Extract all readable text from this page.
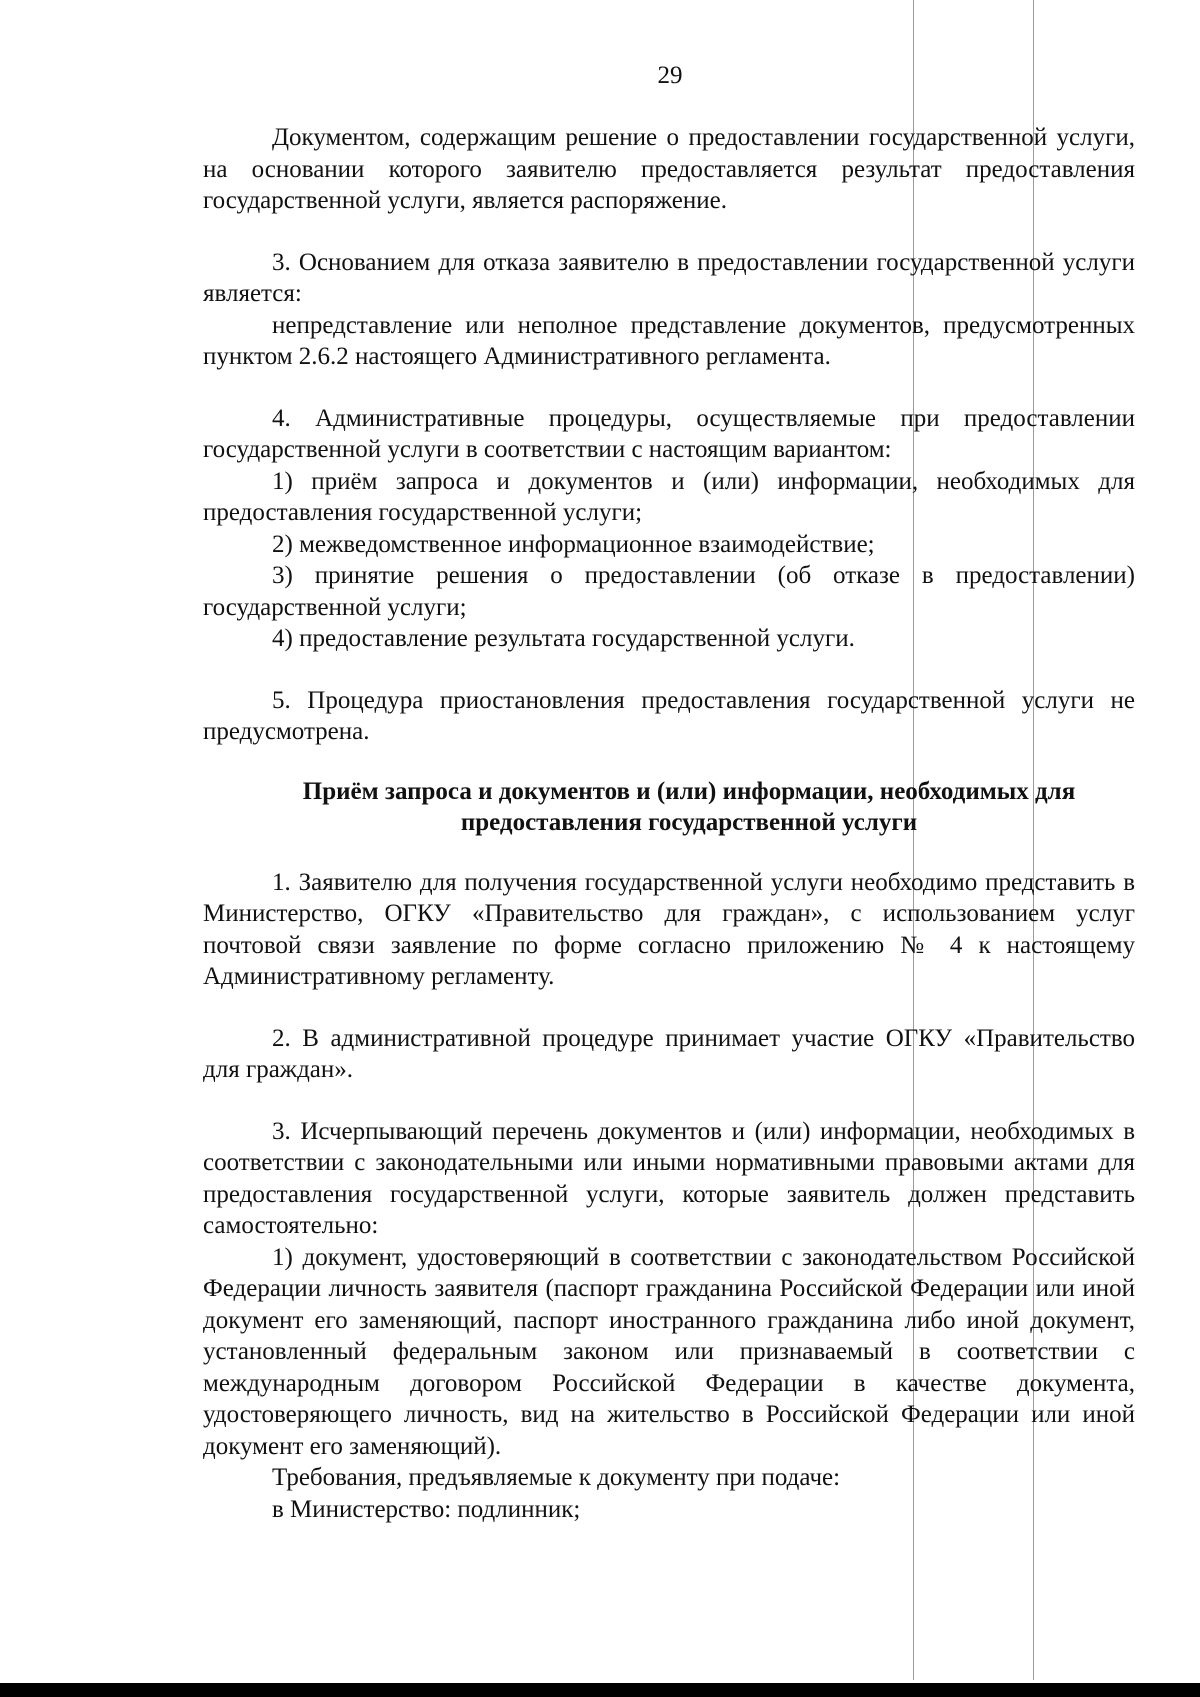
29

Документом, содержащим решение о предоставлении государственной услуги, на основании которого заявителю предоставляется результат предоставления государственной услуги, является распоряжение.

3. Основанием для отказа заявителю в предоставлении государственной услуги является:

непредставление или неполное представление документов, предусмотренных пунктом 2.6.2 настоящего Административного регламента.

4. Административные процедуры, осуществляемые при предоставлении государственной услуги в соответствии с настоящим вариантом:

1) приём запроса и документов и (или) информации, необходимых для предоставления государственной услуги;

2) межведомственное информационное взаимодействие;

3) принятие решения о предоставлении (об отказе в предоставлении) государственной услуги;

4) предоставление результата государственной услуги.

5. Процедура приостановления предоставления государственной услуги не предусмотрена.

Приём запроса и документов и (или) информации, необходимых для
предоставления государственной услуги

1. Заявителю для получения государственной услуги необходимо представить в Министерство, ОГКУ «Правительство для граждан», с использованием услуг почтовой связи заявление по форме согласно приложению № 4 к настоящему Административному регламенту.

2. В административной процедуре принимает участие ОГКУ «Правительство для граждан».

3. Исчерпывающий перечень документов и (или) информации, необходимых в соответствии с законодательными или иными нормативными правовыми актами для предоставления государственной услуги, которые заявитель должен представить самостоятельно:

1) документ, удостоверяющий в соответствии с законодательством Российской Федерации личность заявителя (паспорт гражданина Российской Федерации или иной документ его заменяющий, паспорт иностранного гражданина либо иной документ, установленный федеральным законом или признаваемый в соответствии с международным договором Российской Федерации в качестве документа, удостоверяющего личность, вид на жительство в Российской Федерации или иной документ его заменяющий).

Требования, предъявляемые к документу при подаче:

в Министерство: подлинник;
